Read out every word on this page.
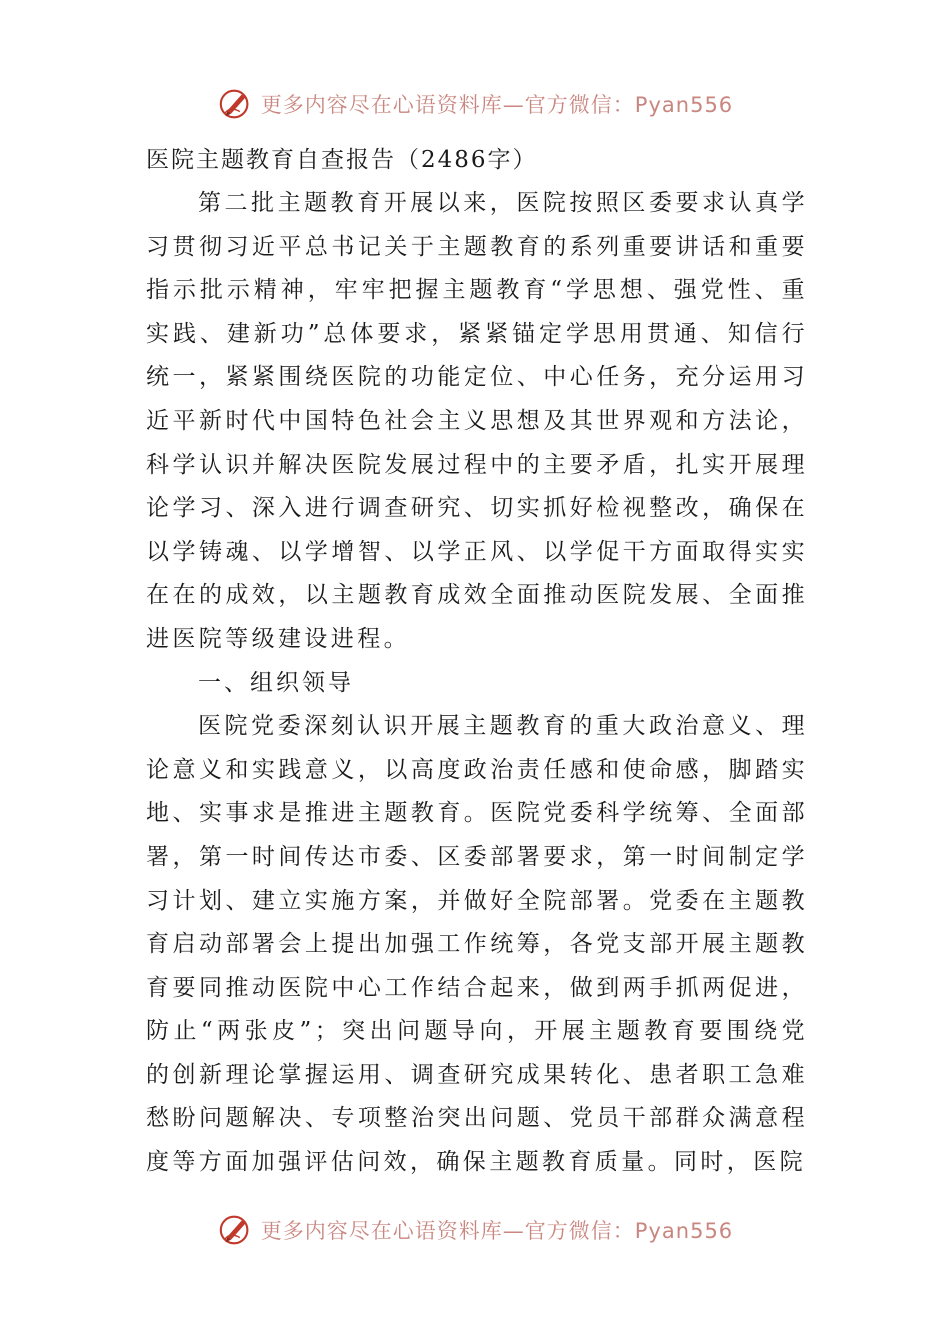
更多内容尽在心语资料库—官方微信：Pyan556
医院主题教育自查报告（2486字）

第二批主题教育开展以来，医院按照区委要求认真学习贯彻习近平总书记关于主题教育的系列重要讲话和重要指示批示精神，牢牢把握主题教育“学思想、强党性、重实践、建新功”总体要求，紧紧锚定学思用贯通、知信行统一，紧紧围绕医院的功能定位、中心任务，充分运用习近平新时代中国特色社会主义思想及其世界观和方法论，科学认识并解决医院发展过程中的主要矛盾，扎实开展理论学习、深入进行调查研究、切实抓好检视整改，确保在以学铸魂、以学增智、以学正风、以学促干方面取得实实在在的成效，以主题教育成效全面推动医院发展、全面推进医院等级建设进程。

一、组织领导

医院党委深刻认识开展主题教育的重大政治意义、理论意义和实践意义，以高度政治责任感和使命感，脚踏实地、实事求是推进主题教育。医院党委科学统筹、全面部署，第一时间传达市委、区委部署要求，第一时间制定学习计划、建立实施方案，并做好全院部署。党委在主题教育启动部署会上提出加强工作统筹，各党支部开展主题教育要同推动医院中心工作结合起来，做到两手抓两促进，防止“两张皮”；突出问题导向，开展主题教育要围绕党的创新理论掌握运用、调查研究成果转化、患者职工急难愁盼问题解决、专项整治突出问题、党员干部群众满意程度等方面加强评估问效，确保主题教育质量。同时，医院

更多内容尽在心语资料库—官方微信：Pyan556
